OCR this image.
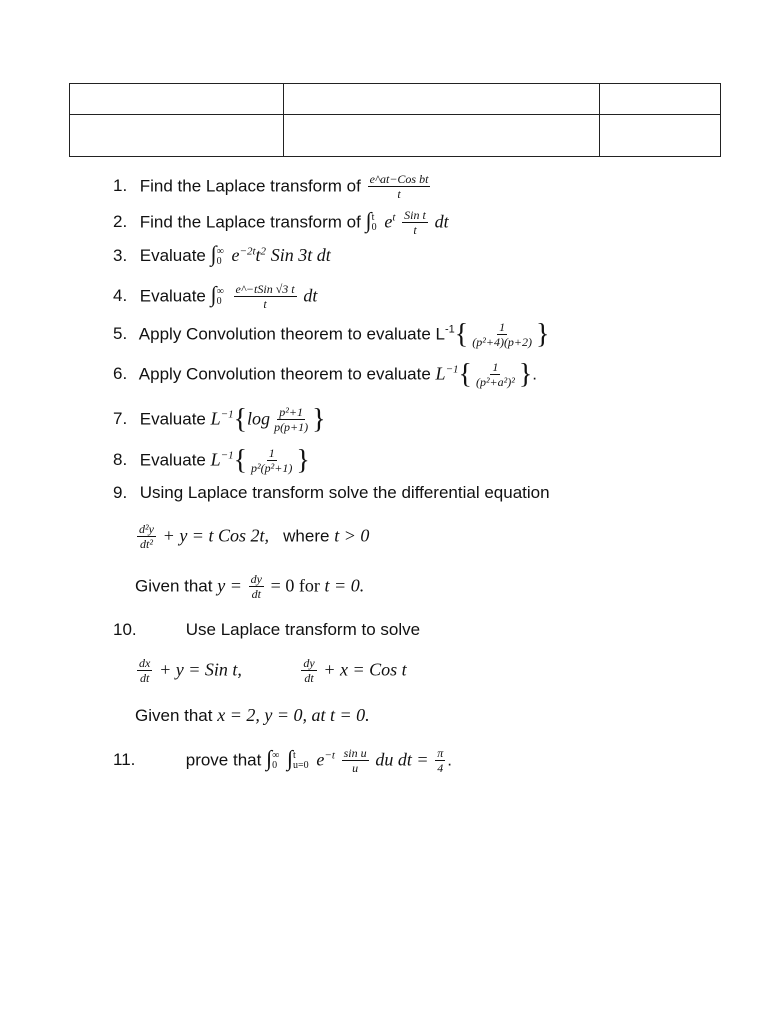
1. Find the Laplace transform of $\frac{\text{e\textasciicircum{}at−Cos bt}}{t}$
2. Find the Laplace transform of ∫ t
0 $e^t \frac{\text{Sin t}}{t}$ dt
3. Evaluate ∫ ∞
0 $e^{-2t}t^2$ Sin 3t dt
4. Evaluate ∫ ∞
0
$\frac{\text{e\textasciicircum{}−tSin √3 t}}{t}$ dt
5. Apply Convolution theorem to evaluate $L^{-1}\{ \frac{1}{\text{(p²+4)(p+2)}}$ }
6. Apply Convolution theorem to evaluate $L^{-1}\{ \frac{1}{\text{(p²+a²)²}}$ }.
7. Evaluate $L^{-1}\{\log \frac{\text{p²+1}}{p(p+1)}$ }
8. Evaluate $L^{-1}\{ \frac{1}{\text{p²(p²+1)}}$ }
9. Using Laplace transform solve the differential equation
$\frac{\text{d²y}}{\text{dt²}} + y = t$ Cos 2t, where t > 0
Given that $y = \frac{dy}{dt} = 0$ for t = 0.
10.	Use Laplace transform to solve
$\frac{dx}{dt} + y$ = Sin t,	$\frac{dy}{dt} + x$ = Cos t
Given that x = 2, y = 0, at t = 0.
11.	prove that ∫ ∞
0 ∫ t
u=0 $e^{-t} \frac{\text{sin u}}{u}$ du dt = $\frac{\pi}{4}$ .
